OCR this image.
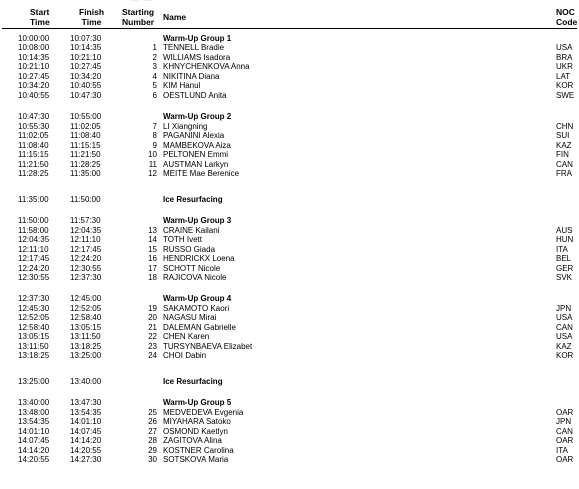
Start
Time
Finish
Time
Starting
Number Name	NOC
Code
10:00:00	10:07:30	Warm-Up Group 1
10:08:00	10:14:35	1 TENNELL Bradie	USA
10:14:35	10:21:10	2 WILLIAMS Isadora	BRA
10:21:10	10:27:45	3 KHNYCHENKOVA Anna	UKR
10:27:45	10:34:20	4 NIKITINA Diana	LAT
10:34:20	10:40:55	5 KIM Hanul	KOR
10:40:55	10:47:30	6 OESTLUND Anita	SWE
10:47:30	10:55:00	Warm-Up Group 2
10:55:30	11:02:05	7 LI Xiangning	CHN
11:02:05	11:08:40	8 PAGANINI Alexia	SUI
11:08:40	11:15:15	9 MAMBEKOVA Aiza	KAZ
11:15:15	11:21:50	10 PELTONEN Emmi	FIN
11:21:50	11:28:25	11 AUSTMAN Larkyn	CAN
11:28:25	11:35:00	12 MEITE Mae Berenice	FRA
11:35:00	11:50:00	Ice Resurfacing
11:50:00	11:57:30	Warm-Up Group 3
11:58:00	12:04:35	13 CRAINE Kailani	AUS
12:04:35	12:11:10	14 TOTH Ivett	HUN
12:11:10	12:17:45	15 RUSSO Giada	ITA
12:17:45	12:24:20	16 HENDRICKX Loena	BEL
12:24:20	12:30:55	17 SCHOTT Nicole	GER
12:30:55	12:37:30	18 RAJICOVA Nicole	SVK
12:37:30	12:45:00	Warm-Up Group 4
12:45:30	12:52:05	19 SAKAMOTO Kaori	JPN
12:52:05	12:58:40	20 NAGASU Mirai	USA
12:58:40	13:05:15	21 DALEMAN Gabrielle	CAN
13:05:15	13:11:50	22 CHEN Karen	USA
13:11:50	13:18:25	23 TURSYNBAEVA Elizabet	KAZ
13:18:25	13:25:00	24 CHOI Dabin	KOR
13:25:00	13:40:00	Ice Resurfacing
13:40:00	13:47:30	Warm-Up Group 5
13:48:00	13:54:35	25 MEDVEDEVA Evgenia	OAR
13:54:35	14:01:10	26 MIYAHARA Satoko	JPN
14:01:10	14:07:45	27 OSMOND Kaetlyn	CAN
14:07:45	14:14:20	28 ZAGITOVA Alina	OAR
14:14:20	14:20:55	29 KOSTNER Carolina	ITA
14:20:55	14:27:30	30 SOTSKOVA Maria	OAR
